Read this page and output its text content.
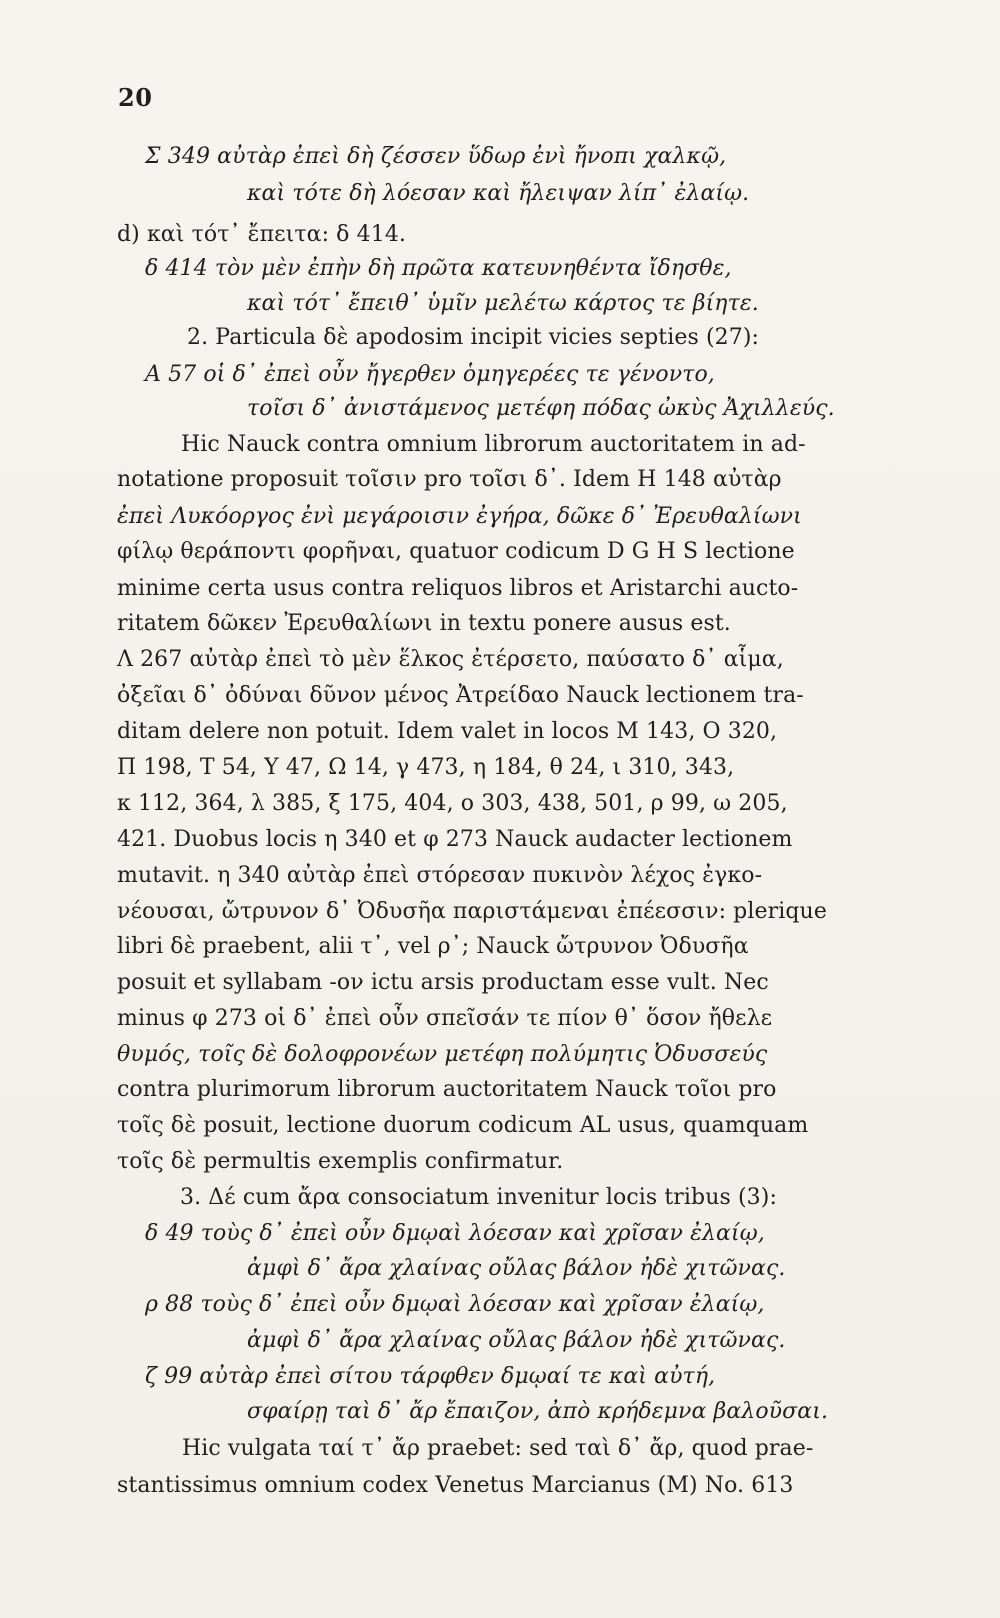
20
Σ 349 αὐτὰρ ἐπεὶ δὴ ζέσσεν ὕδωρ ἐνὶ ἤνοπι χαλκῷ,
καὶ τότε δὴ λόεσαν καὶ ἤλειψαν λίπ᾽ ἐλαίῳ.
d) καὶ τότ᾽ ἔπειτα: δ 414.
δ 414 τὸν μὲν ἐπὴν δὴ πρῶτα κατευνηθέντα ἴδησθε,
καὶ τότ᾽ ἔπειθ᾽ ὑμῖν μελέτω κάρτος τε βίητε.
2. Particula δὲ apodosim incipit vicies septies (27):
Α 57 οἱ δ᾽ ἐπεὶ οὖν ἤγερθεν ὁμηγερέες τε γένοντο,
τοῖσι δ᾽ ἀνιστάμενος μετέφη πόδας ὠκὺς Ἀχιλλεύς.
Hic Nauck contra omnium librorum auctoritatem in ad-
notatione proposuit τοῖσιν pro τοῖσι δ᾽. Idem Η 148 αὐτὰρ
ἐπεὶ Λυκόοργος ἐνὶ μεγάροισιν ἐγήρα, δῶκε δ᾽ Ἐρευθαλίωνι
φίλῳ θεράποντι φορῆναι, quatuor codicum D G H S lectione
minime certa usus contra reliquos libros et Aristarchi aucto-
ritatem δῶκεν Ἐρευθαλίωνι in textu ponere ausus est.
Λ 267 αὐτὰρ ἐπεὶ τὸ μὲν ἕλκος ἐτέρσετο, παύσατο δ᾽ αἷμα,
ὀξεῖαι δ᾽ ὀδύναι δῦνον μένος Ἀτρείδαο Nauck lectionem tra-
ditam delere non potuit. Idem valet in locos Μ 143, Ο 320,
Π 198, Τ 54, Υ 47, Ω 14, γ 473, η 184, θ 24, ι 310, 343,
κ 112, 364, λ 385, ξ 175, 404, ο 303, 438, 501, ρ 99, ω 205,
421. Duobus locis η 340 et φ 273 Nauck audacter lectionem
mutavit. η 340 αὐτὰρ ἐπεὶ στόρεσαν πυκινὸν λέχος ἐγκο-
νέουσαι, ὤτρυνον δ᾽ Ὀδυσῆα παριστάμεναι ἐπέεσσιν: plerique
libri δὲ praebent, alii τ᾽, vel ρ᾽; Nauck ὤτρυνον Ὀδυσῆα
posuit et syllabam -ον ictu arsis productam esse vult. Nec
minus φ 273 οἱ δ᾽ ἐπεὶ οὖν σπεῖσάν τε πίον θ᾽ ὅσον ἤθελε
θυμός, τοῖς δὲ δολοφρονέων μετέφη πολύμητις Ὀδυσσεύς
contra plurimorum librorum auctoritatem Nauck τοῖοι pro
τοῖς δὲ posuit, lectione duorum codicum AL usus, quamquam
τοῖς δὲ permultis exemplis confirmatur.
3. Δέ cum ἄρα consociatum invenitur locis tribus (3):
δ 49 τοὺς δ᾽ ἐπεὶ οὖν δμῳαὶ λόεσαν καὶ χρῖσαν ἐλαίῳ,
ἀμφὶ δ᾽ ἄρα χλαίνας οὔλας βάλον ἠδὲ χιτῶνας.
ρ 88 τοὺς δ᾽ ἐπεὶ οὖν δμῳαὶ λόεσαν καὶ χρῖσαν ἐλαίῳ,
ἀμφὶ δ᾽ ἄρα χλαίνας οὔλας βάλον ἠδὲ χιτῶνας.
ζ 99 αὐτὰρ ἐπεὶ σίτου τάρφθεν δμῳαί τε καὶ αὐτή,
σφαίρῃ ταὶ δ᾽ ἄρ ἔπαιζον, ἀπὸ κρήδεμνα βαλοῦσαι.
Hic vulgata ταί τ᾽ ἄρ praebet: sed ταὶ δ᾽ ἄρ, quod prae-
stantissimus omnium codex Venetus Marcianus (M) No. 613
